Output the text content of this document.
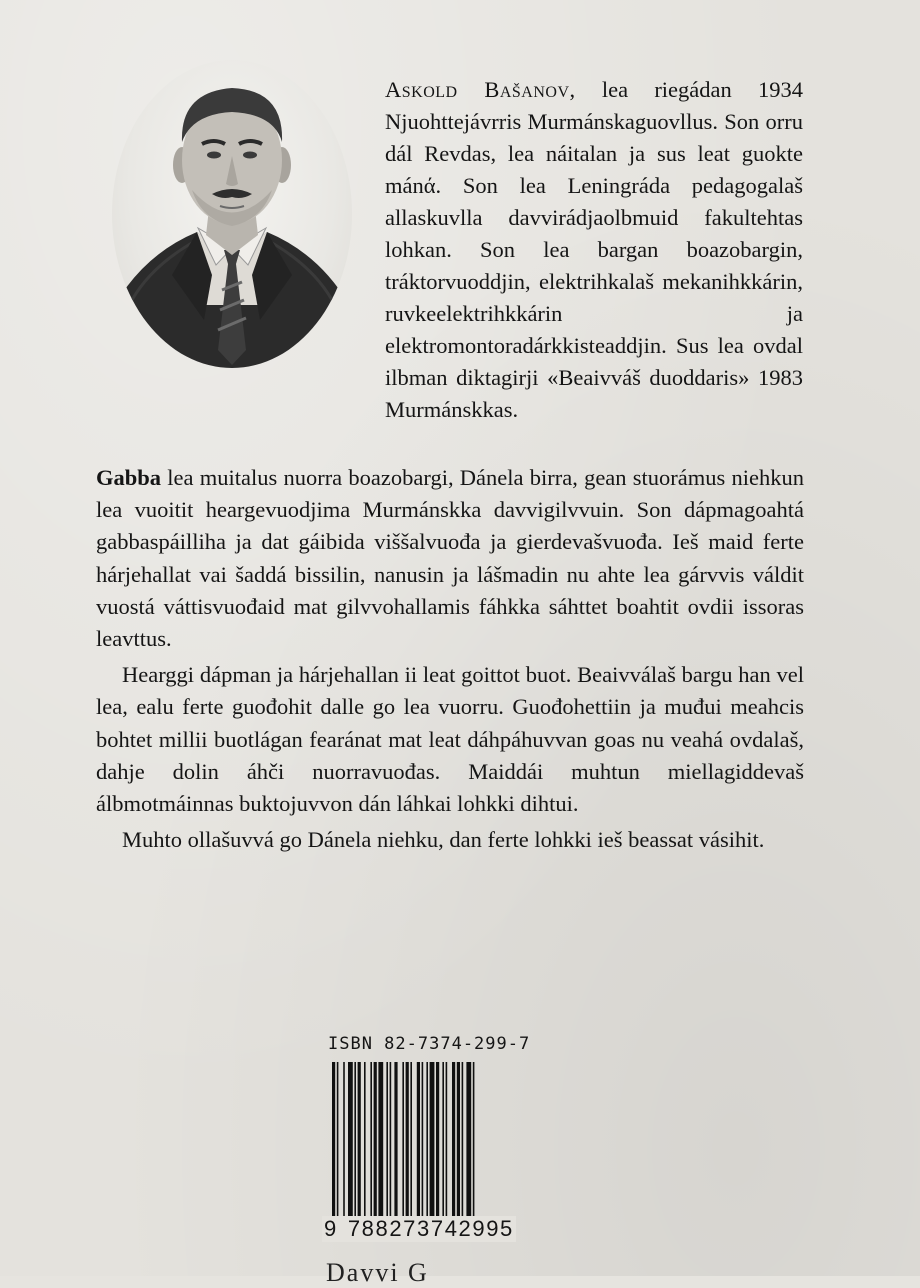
Askold Bašanov, lea riegádan 1934 Njuohttejávrris Murmánskaguovllus. Son orru dál Revdas, lea náitalan ja sus leat guokte mánά. Son lea Leningráda pedagogalaš allaskuvlla davvirádjaolbmuid fakultehtas lohkan. Son lea bargan boazobargin, tráktorvuoddjin, elektrihkalaš mekanihkkárin, ruvkeelektrihkkárin ja elektromontoradárkkisteaddjin. Sus lea ovdal ilbman diktagirji «Beaivváš duoddaris» 1983 Murmánskkas.

Gabba lea muitalus nuorra boazobargi, Dánela birra, gean stuorámus niehkun lea vuoitit heargevuodjima Murmánskka davvigilvvuin. Son dápmagoahtá gabbaspáilliha ja dat gáibida viššalvuođa ja gierdevašvuođa. Ieš maid ferte hárjehallat vai šaddá bissilin, nanusin ja lášmadin nu ahte lea gárvvis váldit vuostá váttisvuođaid mat gilvvohallamis fáhkka sáhttet boahtit ovdii issoras leavttus.

Hearggi dápman ja hárjehallan ii leat goittot buot. Beaivválaš bargu han vel lea, ealu ferte guođohit dalle go lea vuorru. Guođohettiin ja muđui meahcis bohtet millii buotlágan fearánat mat leat dáhpáhuvvan goas nu veahá ovdalaš, dahje dolin áhči nuorravuođas. Maiddái muhtun miellagiddevaš álbmotmáinnas buktojuvvon dán láhkai lohkki dihtui.

Muhto ollašuvvá go Dánela niehku, dan ferte lohkki ieš beassat vásihit.

ISBN 82-7374-299-7
9 788273742995
Davvi G
